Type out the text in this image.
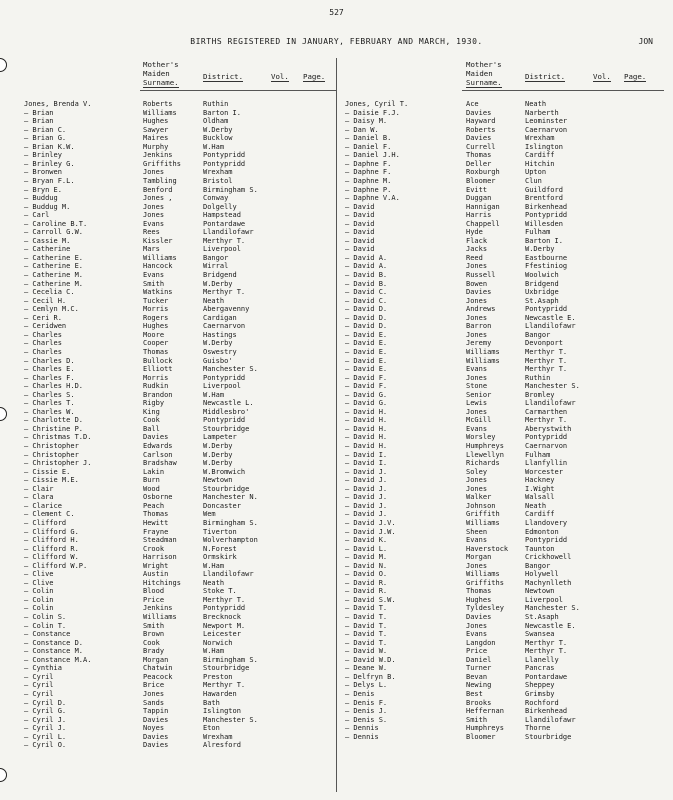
527
BIRTHS REGISTERED IN JANUARY, FEBRUARY AND MARCH, 1930.	JON
Mother's
Maiden
Surname.
District.	Vol. Page.
Mother's
Maiden
Surname.
District.	Vol. Page.
Jones, Brenda V.	Roberts	Ruthin
— Brian	Williams	Barton I.
— Brian	Hughes	Oldham
— Brian C.	Sawyer	W.Derby
— Brian G.	Maires	Bucklow
— Brian K.W.	Murphy	W.Ham
— Brinley	Jenkins	Pontypridd
— Brinley G.	Griffiths	Pontypridd
— Bronwen	Jones	Wrexham
— Bryan F.L.	Tambling	Bristol
— Bryn E.	Benford	Birmingham S.
— Buddug	Jones ,	Conway
— Buddug M.	Jones	Dolgelly
— Carl	Jones	Hampstead
— Caroline B.T.	Evans	Pontardawe
— Carroll G.W.	Rees	Llandilofawr
— Cassie M.	Kissler	Merthyr T.
— Catherine	Mars	Liverpool
— Catherine E.	Williams	Bangor
— Catherine E.	Hancock	Wirral
— Catherine M.	Evans	Bridgend
— Catherine M.	Smith	W.Derby
— Cecelia C.	Watkins	Merthyr T.
— Cecil H.	Tucker	Neath
— Cemlyn M.C.	Morris	Abergavenny
— Ceri R.	Rogers	Cardigan
— Ceridwen	Hughes	Caernarvon
— Charles	Moore	Hastings
— Charles	Cooper	W.Derby
— Charles	Thomas	Oswestry
— Charles D.	Bullock	Guisbo'
— Charles E.	Elliott	Manchester S.
— Charles F.	Morris	Pontypridd
— Charles H.D.	Rudkin	Liverpool
— Charles S.	Brandon	W.Ham
— Charles T.	Rigby	Newcastle L.
— Charles W.	King	Middlesbro'
— Charlotte D.	Cook	Pontypridd
— Christine P.	Ball	Stourbridge
— Christmas T.D.	Davies	Lampeter
— Christopher	Edwards	W.Derby
— Christopher	Carlson	W.Derby
— Christopher J.	Bradshaw	W.Derby
— Cissie E.	Lakin	W.Bromwich
— Cissie M.E.	Burn	Newtown
— Clair	Wood	Stourbridge
— Clara	Osborne	Manchester N.
— Clarice	Peach	Doncaster
— Clement C.	Thomas	Wem
— Clifford	Hewitt	Birmingham S.
— Clifford G.	Frayne	Tiverton
— Clifford H.	Steadman	Wolverhampton
— Clifford R.	Crook	N.Forest
— Clifford W.	Harrison	Ormskirk
— Clifford W.P.	Wright	W.Ham
— Clive	Austin	Llandilofawr
— Clive	Hitchings	Neath
— Colin	Blood	Stoke T.
— Colin	Price	Merthyr T.
— Colin	Jenkins	Pontypridd
— Colin S.	Williams	Brecknock
— Colin T.	Smith	Newport M.
— Constance	Brown	Leicester
— Constance D.	Cook	Norwich
— Constance M.	Brady	W.Ham
— Constance M.A.	Morgan	Birmingham S.
— Cynthia	Chatwin	Stourbridge
— Cyril	Peacock	Preston
— Cyril	Brice	Merthyr T.
— Cyril	Jones	Hawarden
— Cyril D.	Sands	Bath
— Cyril G.	Tappin	Islington
— Cyril J.	Davies	Manchester S.
— Cyril J.	Noyes	Eton
— Cyril L.	Davies	Wrexham
— Cyril O.	Davies	Alresford
Jones, Cyril T.	Ace	Neath
— Daisie F.J.	Davies	Narberth
— Daisy M.	Hayward	Leominster
— Dan W.	Roberts	Caernarvon
— Daniel B.	Davies	Wrexham
— Daniel F.	Currell	Islington
— Daniel J.H.	Thomas	Cardiff
— Daphne F.	Deller	Hitchin
— Daphne F.	Roxburgh	Upton
— Daphne M.	Bloomer	Clun
— Daphne P.	Evitt	Guildford
— Daphne V.A.	Duggan	Brentford
— David	Hannigan	Birkenhead
— David	Harris	Pontypridd
— David	Chappell	Willesden
— David	Hyde	Fulham
— David	Flack	Barton I.
— David	Jacks	W.Derby
— David A.	Reed	Eastbourne
— David A.	Jones	Ffestiniog
— David B.	Russell	Woolwich
— David B.	Bowen	Bridgend
— David C.	Davies	Uxbridge
— David C.	Jones	St.Asaph
— David D.	Andrews	Pontypridd
— David D.	Jones	Newcastle E.
— David D.	Barron	Llandilofawr
— David E.	Jones	Bangor
— David E.	Jeremy	Devonport
— David E.	Williams	Merthyr T.
— David E.	Williams	Merthyr T.
— David E.	Evans	Merthyr T.
— David F.	Jones	Ruthin
— David F.	Stone	Manchester S.
— David G.	Senior	Bromley
— David G.	Lewis	Llandilofawr
— David H.	Jones	Carmarthen
— David H.	McGill	Merthyr T.
— David H.	Evans	Aberystwith
— David H.	Worsley	Pontypridd
— David H.	Humphreys	Caernarvon
— David I.	Llewellyn	Fulham
— David I.	Richards	Llanfyllin
— David J.	Soley	Worcester
— David J.	Jones	Hackney
— David J.	Jones	I.Wight
— David J.	Walker	Walsall
— David J.	Johnson	Neath
— David J.	Griffith	Cardiff
— David J.V.	Williams	Llandovery
— David J.W.	Sheen	Edmonton
— David K.	Evans	Pontypridd
— David L.	Haverstock Taunton
— David M.	Morgan	Crickhowell
— David N.	Jones	Bangor
— David O.	Williams	Holywell
— David R.	Griffiths	Machynlleth
— David R.	Thomas	Newtown
— David S.W.	Hughes	Liverpool
— David T.	Tyldesley	Manchester S.
— David T.	Davies	St.Asaph
— David T.	Jones	Newcastle E.
— David T.	Evans	Swansea
— David T.	Langdon	Merthyr T.
— David W.	Price	Merthyr T.
— David W.D.	Daniel	Llanelly
— Deane W.	Turner	Pancras
— Delfryn B.	Bevan	Pontardawe
— Delys L.	Newing	Sheppey
— Denis	Best	Grimsby
— Denis F.	Brooks	Rochford
— Denis J.	Heffernan	Birkenhead
— Denis S.	Smith	Llandilofawr
— Dennis	Humphreys	Thorne
— Dennis	Bloomer	Stourbridge
